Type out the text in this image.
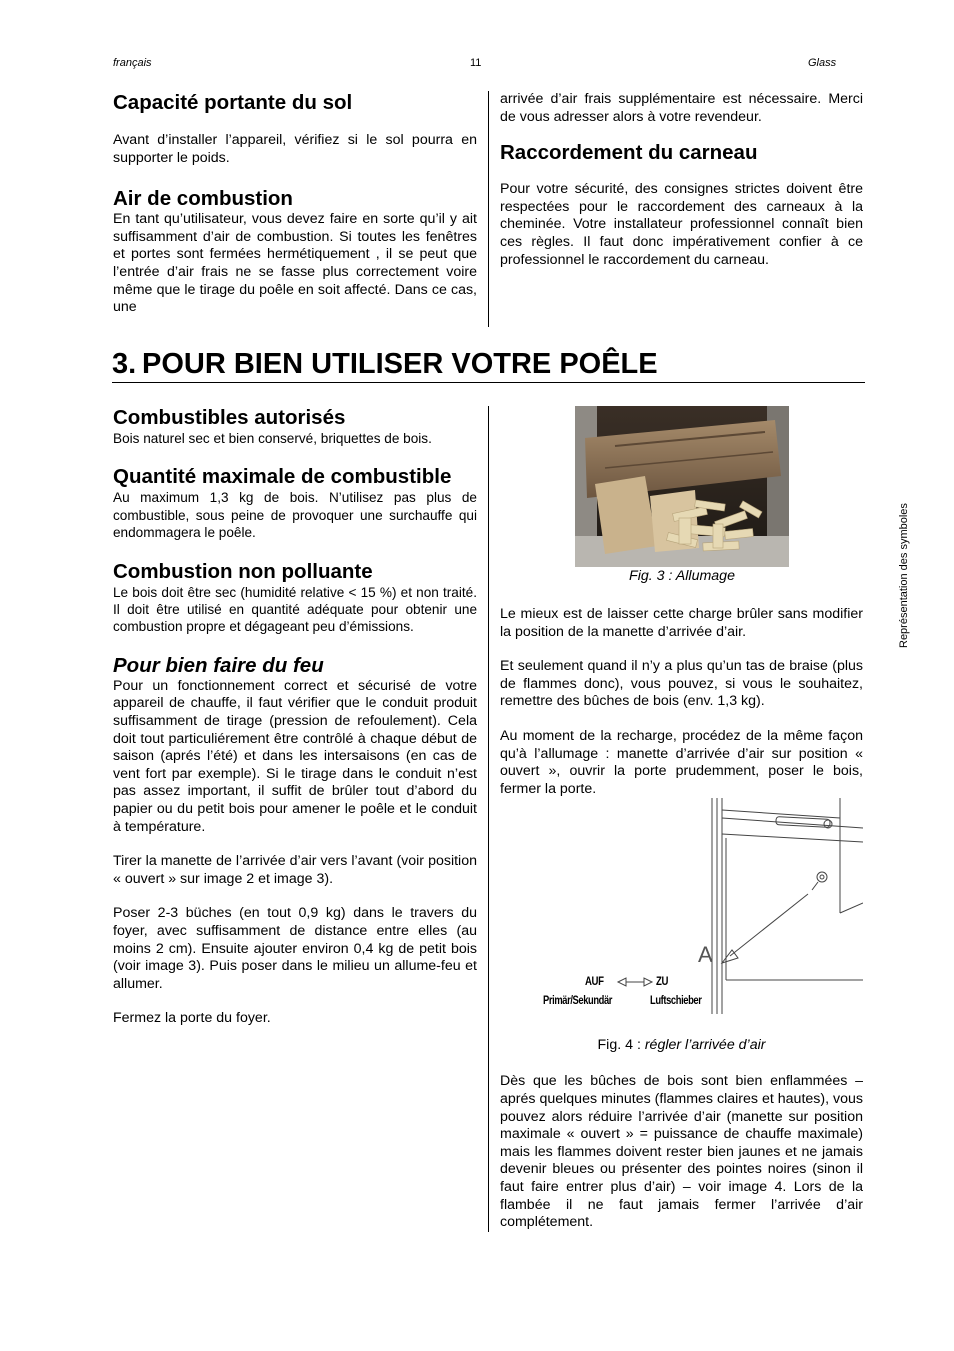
français	11	Glass
Capacité portante du sol

Avant d’installer l’appareil, vérifiez si le sol pourra en supporter le poids.

Air de combustion

En tant qu’utilisateur, vous devez faire en sorte qu’il y ait suffisamment d’air de combustion. Si toutes les fenêtres et portes sont fermées hermétiquement , il se peut que l’entrée d’air frais ne se fasse plus correctement voire même que le tirage du poêle en soit affecté. Dans ce cas, une

arrivée d’air frais supplémentaire est nécessaire. Merci de vous adresser alors à votre revendeur.

Raccordement du carneau

Pour votre sécurité, des consignes strictes doivent être respectées pour le raccordement des carneaux à la cheminée. Votre installateur professionnel connaît bien ces règles. Il faut donc impérativement confier à ce professionnel le raccordement du carneau.

3. POUR BIEN UTILISER VOTRE POÊLE
Représentation des symboles
Combustibles autorisés

Bois naturel sec et bien conservé, briquettes de bois.

Quantité maximale de combustible

Au maximum 1,3 kg de bois. N’utilisez pas plus de combustible, sous peine de provoquer une surchauffe qui endommagera le poêle.

Combustion non polluante

Le bois doit être sec (humidité relative < 15 %) et non traité. Il doit être utilisé en quantité adéquate pour obtenir une combustion propre et dégageant peu d’émissions.

Pour bien faire du feu

Pour un fonctionnement correct et sécurisé de votre appareil de chauffe, il faut vérifier que le conduit produit suffisamment de tirage (pression de refoulement). Cela doit tout particuliérement être contrôlé à chaque début de saison (aprés l’été) et dans les intersaisons (en cas de vent fort par exemple). Si le tirage dans le conduit n’est pas assez important, il suffit de brûler tout d’abord du papier ou du petit bois pour amener le poêle et le conduit à température.

Tirer la manette de l’arrivée d’air vers l’avant (voir position « ouvert » sur image 2 et image 3).

Poser 2-3 büches (en tout 0,9 kg) dans le travers du foyer, avec suffisamment de distance entre elles (au moins 2 cm). Ensuite ajouter environ 0,4 kg de petit bois (voir image 3). Puis poser dans le milieu un allume-feu et allumer.

Fermez la porte du foyer.

Fig. 3 : Allumage

Le mieux est de laisser cette charge brûler sans modifier la position de la manette d’arrivée d’air.

Et seulement quand il n’y a plus qu’un tas de braise (plus de flammes donc), vous pouvez, si vous le souhaitez, remettre des bûches de bois (env. 1,3 kg).

Au moment de la recharge, procédez de la même façon qu’à l’allumage : manette d’arrivée d’air sur position « ouvert », ouvrir la porte prudemment, poser le bois, fermer la porte.

A
AUF	ZU
Primär/Sekundär	Luftschieber
Fig. 4 : régler l’arrivée d’air

Dès que les bûches de bois sont bien enflammées – aprés quelques minutes (flammes claires et hautes), vous pouvez alors réduire l’arrivée d’air (manette sur position maximale « ouvert » = puissance de chauffe maximale) mais les flammes doivent rester bien jaunes et ne jamais devenir bleues ou présenter des pointes noires (sinon il faut faire entrer plus d’air) – voir image 4. Lors de la flambée il ne faut jamais fermer l’arrivée d’air complétement.
